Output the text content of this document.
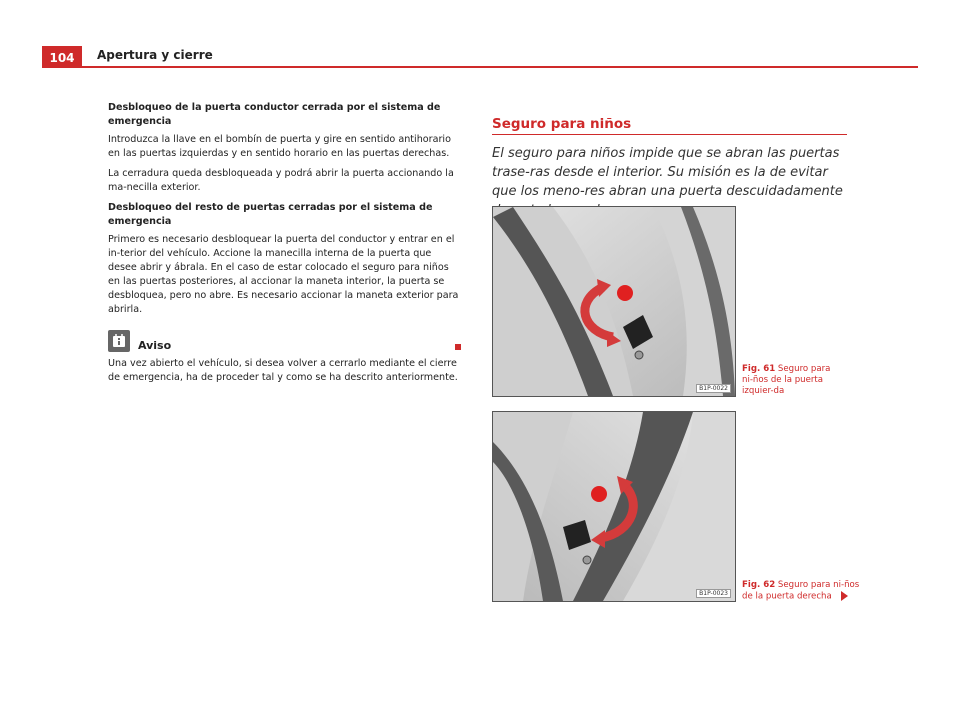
104	Apertura y cierre
Desbloqueo de la puerta conductor cerrada por el sistema de emergencia

Introduzca la llave en el bombín de puerta y gire en sentido antihorario en las puertas izquierdas y en sentido horario en las puertas derechas.

La cerradura queda desbloqueada y podrá abrir la puerta accionando la ma-necilla exterior.

Desbloqueo del resto de puertas cerradas por el sistema de emergencia

Primero es necesario desbloquear la puerta del conductor y entrar en el in-terior del vehículo. Accione la manecilla interna de la puerta que desee abrir y ábrala. En el caso de estar colocado el seguro para niños en las puertas posteriores, al accionar la maneta interior, la puerta se desbloquea, pero no abre. Es necesario accionar la maneta exterior para abrirla.

Aviso

Una vez abierto el vehículo, si desea volver a cerrarlo mediante el cierre de emergencia, ha de proceder tal y como se ha descrito anteriormente.

Seguro para niños
El seguro para niños impide que se abran las puertas trase-ras desde el interior. Su misión es la de evitar que los meno-res abran una puerta descuidadamente
B1P-0022
Fig. 61 Seguro para ni-ños de la puerta izquier-da
B1P-0023
Fig. 62 Seguro para ni-ños de la puerta derecha
